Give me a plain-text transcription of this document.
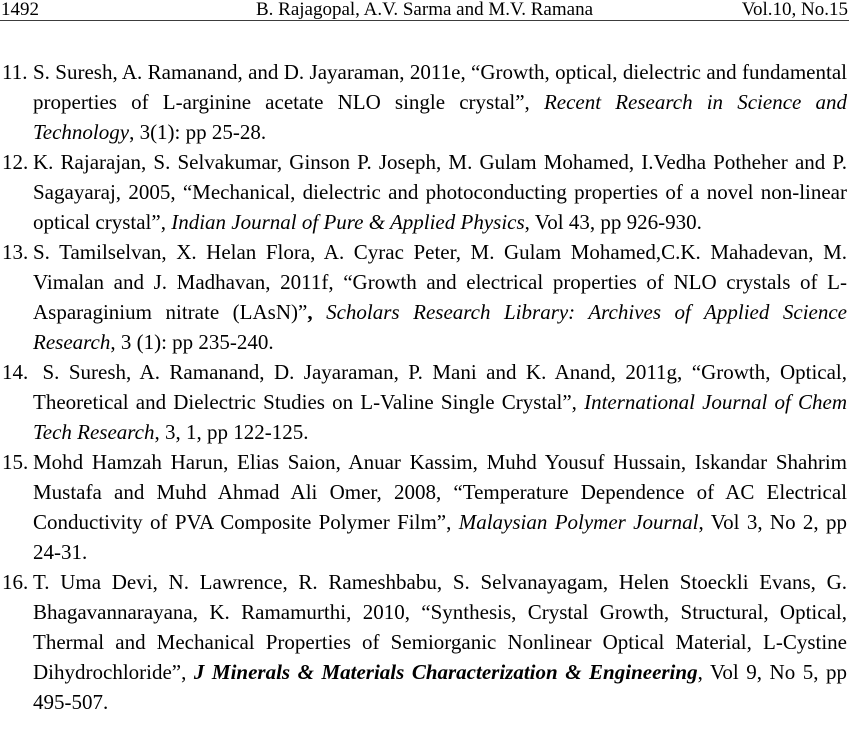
1492	B. Rajagopal, A.V. Sarma and M.V. Ramana	Vol.10, No.15
11. S. Suresh, A. Ramanand, and D. Jayaraman, 2011e, “Growth, optical, dielectric and fundamental properties of L-arginine acetate NLO single crystal”, Recent Research in Science and Technology, 3(1): pp 25-28.
12. K. Rajarajan, S. Selvakumar, Ginson P. Joseph, M. Gulam Mohamed, I.Vedha Potheher and P. Sagayaraj, 2005, “Mechanical, dielectric and photoconducting properties of a novel non-linear optical crystal”, Indian Journal of Pure & Applied Physics, Vol 43, pp 926-930.
13. S. Tamilselvan, X. Helan Flora, A. Cyrac Peter, M. Gulam Mohamed,C.K. Mahadevan, M. Vimalan and J. Madhavan, 2011f, “Growth and electrical properties of NLO crystals of L-Asparaginium nitrate (LAsN)”, Scholars Research Library: Archives of Applied Science Research, 3 (1): pp 235-240.
14. S. Suresh, A. Ramanand, D. Jayaraman, P. Mani and K. Anand, 2011g, “Growth, Optical, Theoretical and Dielectric Studies on L-Valine Single Crystal”, International Journal of Chem Tech Research, 3, 1, pp 122-125.
15. Mohd Hamzah Harun, Elias Saion, Anuar Kassim, Muhd Yousuf Hussain, Iskandar Shahrim Mustafa and Muhd Ahmad Ali Omer, 2008, “Temperature Dependence of AC Electrical Conductivity of PVA Composite Polymer Film”, Malaysian Polymer Journal, Vol 3, No 2, pp 24-31.
16. T. Uma Devi, N. Lawrence, R. Rameshbabu, S. Selvanayagam, Helen Stoeckli Evans, G. Bhagavannarayana, K. Ramamurthi, 2010, “Synthesis, Crystal Growth, Structural, Optical, Thermal and Mechanical Properties of Semiorganic Nonlinear Optical Material, L-Cystine Dihydrochloride”, J Minerals & Materials Characterization & Engineering, Vol 9, No 5, pp 495-507.
